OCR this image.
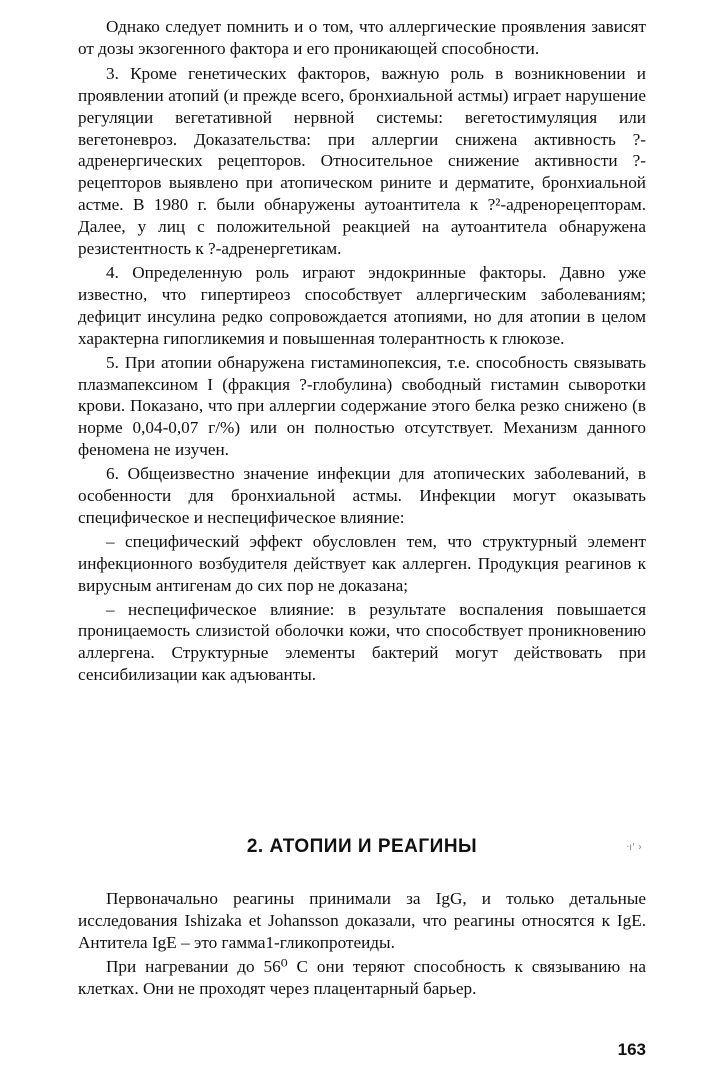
Однако следует помнить и о том, что аллергические проявления зависят от дозы экзогенного фактора и его проникающей способности.

3. Кроме генетических факторов, важную роль в возникновении и проявлении атопий (и прежде всего, бронхиальной астмы) играет нарушение регуляции вегетативной нервной системы: вегетостимуляция или вегетоневроз. Доказательства: при аллергии снижена активность ?-адренергических рецепторов. Относительное снижение активности ?-рецепторов выявлено при атопическом рините и дерматите, бронхиальной астме. В 1980 г. были обнаружены аутоантитела к ?²-адренорецепторам. Далее, у лиц с положительной реакцией на аутоантитела обнаружена резистентность к ?-адренергетикам.

4. Определенную роль играют эндокринные факторы. Давно уже известно, что гипертиреоз способствует аллергическим заболеваниям; дефицит инсулина редко сопровождается атопиями, но для атопии в целом характерна гипогликемия и повышенная толерантность к глюкозе.

5. При атопии обнаружена гистаминопексия, т.е. способность связывать плазмапексином I (фракция ?-глобулина) свободный гистамин сыворотки крови. Показано, что при аллергии содержание этого белка резко снижено (в норме 0,04-0,07 г/%) или он полностью отсутствует. Механизм данного феномена не изучен.

6. Общеизвестно значение инфекции для атопических заболеваний, в особенности для бронхиальной астмы. Инфекции могут оказывать специфическое и неспецифическое влияние:

– специфический эффект обусловлен тем, что структурный элемент инфекционного возбудителя действует как аллерген. Продукция реагинов к вирусным антигенам до сих пор не доказана;

– неспецифическое влияние: в результате воспаления повышается проницаемость слизистой оболочки кожи, что способствует проникновению аллергена. Структурные элементы бактерий могут действовать при сенсибилизации как адъюванты.

2. АТОПИИ И РЕАГИНЫ	·ı' ›

Первоначально реагины принимали за IgG, и только детальные исследования Ishizaka et Johansson доказали, что реагины относятся к IgE. Антитела IgE – это гамма1-гликопротеиды.

При нагревании до 56⁰ С они теряют способность к связыванию на клетках. Они не проходят через плацентарный барьер.

163
